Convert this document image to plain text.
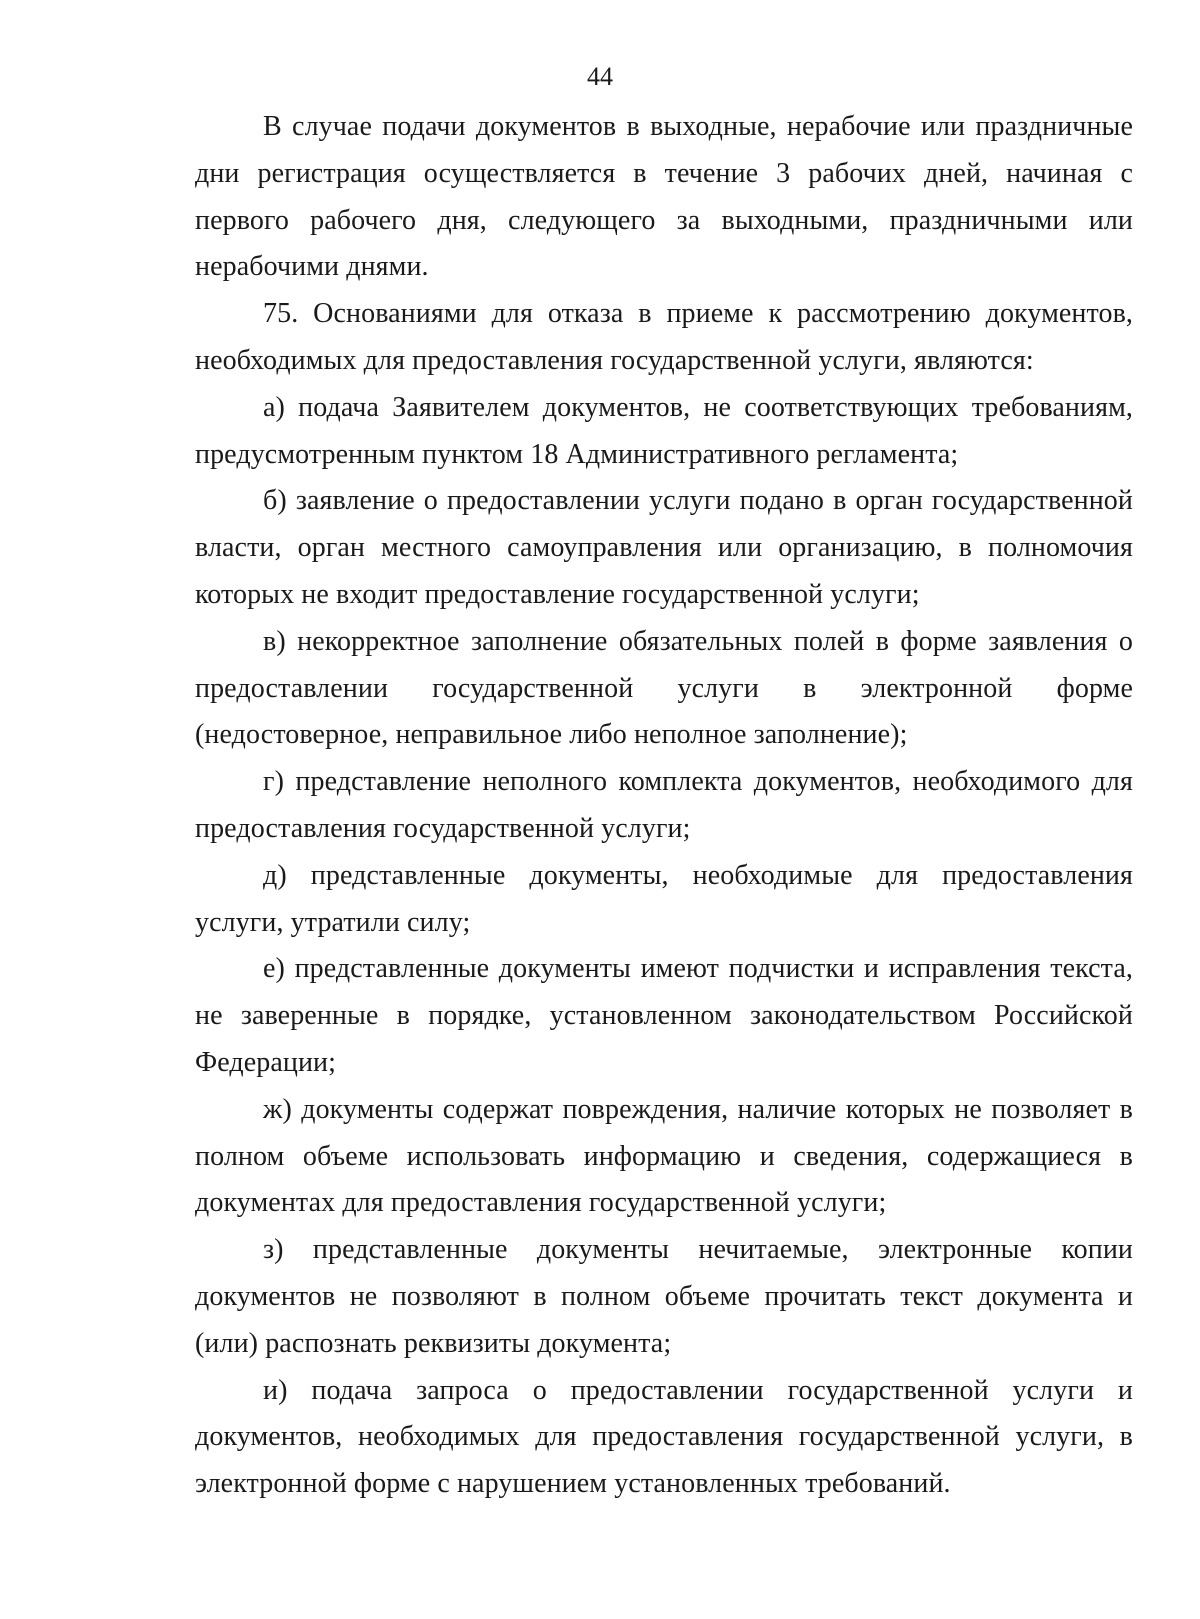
44

В случае подачи документов в выходные, нерабочие или праздничные дни регистрация осуществляется в течение 3 рабочих дней, начиная с первого рабочего дня, следующего за выходными, праздничными или нерабочими днями.

75. Основаниями для отказа в приеме к рассмотрению документов, необходимых для предоставления государственной услуги, являются:

а) подача Заявителем документов, не соответствующих требованиям, предусмотренным пунктом 18 Административного регламента;

б) заявление о предоставлении услуги подано в орган государственной власти, орган местного самоуправления или организацию, в полномочия которых не входит предоставление государственной услуги;

в) некорректное заполнение обязательных полей в форме заявления о предоставлении государственной услуги в электронной форме (недостоверное, неправильное либо неполное заполнение);

г) представление неполного комплекта документов, необходимого для предоставления государственной услуги;

д) представленные документы, необходимые для предоставления услуги, утратили силу;

е) представленные документы имеют подчистки и исправления текста, не заверенные в порядке, установленном законодательством Российской Федерации;

ж) документы содержат повреждения, наличие которых не позволяет в полном объеме использовать информацию и сведения, содержащиеся в документах для предоставления государственной услуги;

з) представленные документы нечитаемые, электронные копии документов не позволяют в полном объеме прочитать текст документа и (или) распознать реквизиты документа;

и) подача запроса о предоставлении государственной услуги и документов, необходимых для предоставления государственной услуги, в электронной форме с нарушением установленных требований.
